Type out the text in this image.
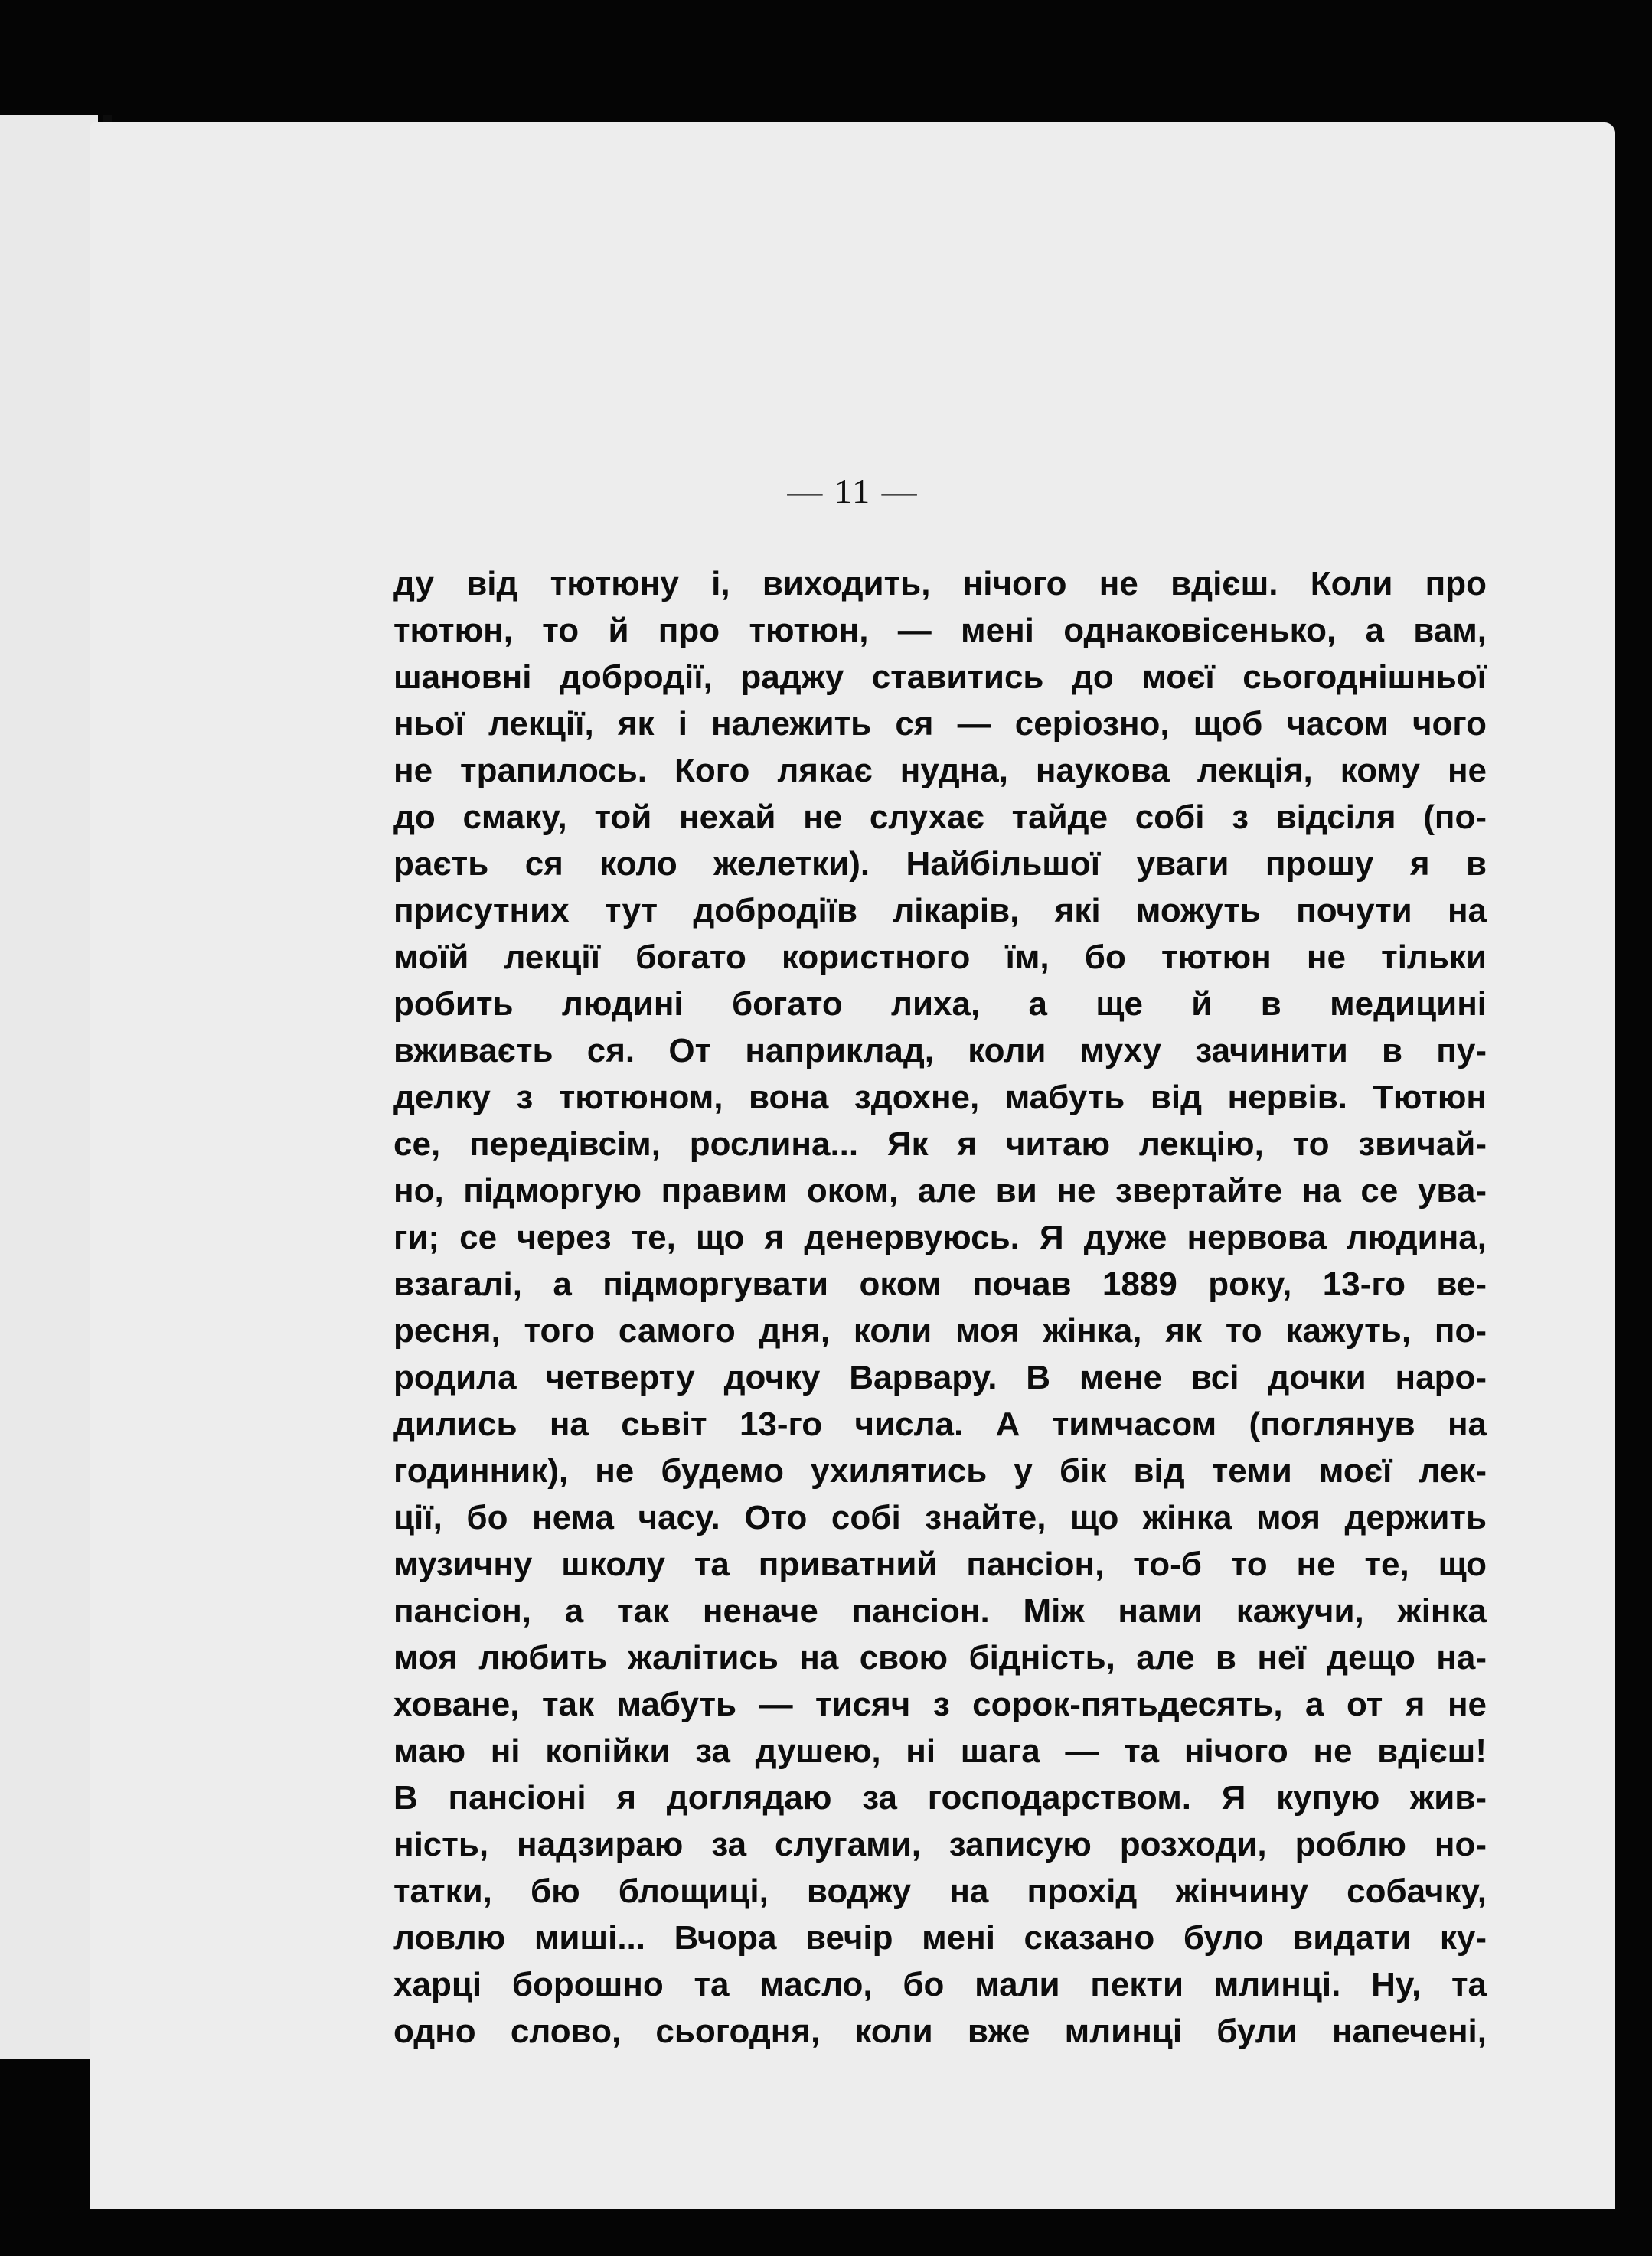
— 11 —
ду від тютюну і, виходить, нічого не вдієш. Коли про
тютюн, то й про тютюн, — мені однаковісенько, а вам,
шановні добродії, раджу ставитись до моєї сьогоднішньої
ньої лекції, як і належить ся — серіозно, щоб часом чого
не трапилось. Кого лякає нудна, наукова лекція, кому не
до смаку, той нехай не слухає тайде собі з відсіля (по-
раєть ся коло желетки). Найбільшої уваги прошу я в
присутних тут добродіїв лікарів, які можуть почути на
моїй лекції богато користного їм, бо тютюн не тільки
робить людині богато лиха, а ще й в медицині
вживаєть ся. От наприклад, коли муху зачинити в пу-
делку з тютюном, вона здохне, мабуть від нервів. Тютюн
се, передівсім, рослина... Як я читаю лекцію, то звичай-
но, підморгую правим оком, але ви не звертайте на се ува-
ги; се через те, що я денервуюсь. Я дуже нервова людина,
взагалі, а підморгувати оком почав 1889 року, 13-го ве-
ресня, того самого дня, коли моя жінка, як то кажуть, по-
родила четверту дочку Варвару. В мене всі дочки наро-
дились на сьвіт 13-го числа. А тимчасом (поглянув на
годинник), не будемо ухилятись у бік від теми моєї лек-
ції, бо нема часу. Ото собі знайте, що жінка моя держить
музичну школу та приватний пансіон, то-б то не те, що
пансіон, а так неначе пансіон. Між нами кажучи, жінка
моя любить жалітись на свою бідність, але в неї дещо на-
ховане, так мабуть — тисяч з сорок-пятьдесять, а от я не
маю ні копійки за душею, ні шага — та нічого не вдієш!
В пансіоні я доглядаю за господарством. Я купую жив-
ність, надзираю за слугами, записую розходи, роблю но-
татки, бю блощиці, воджу на прохід жінчину собачку,
ловлю миші... Вчора вечір мені сказано було видати ку-
харці борошно та масло, бо мали пекти млинці. Ну, та
одно слово, сьогодня, коли вже млинці були напечені,
